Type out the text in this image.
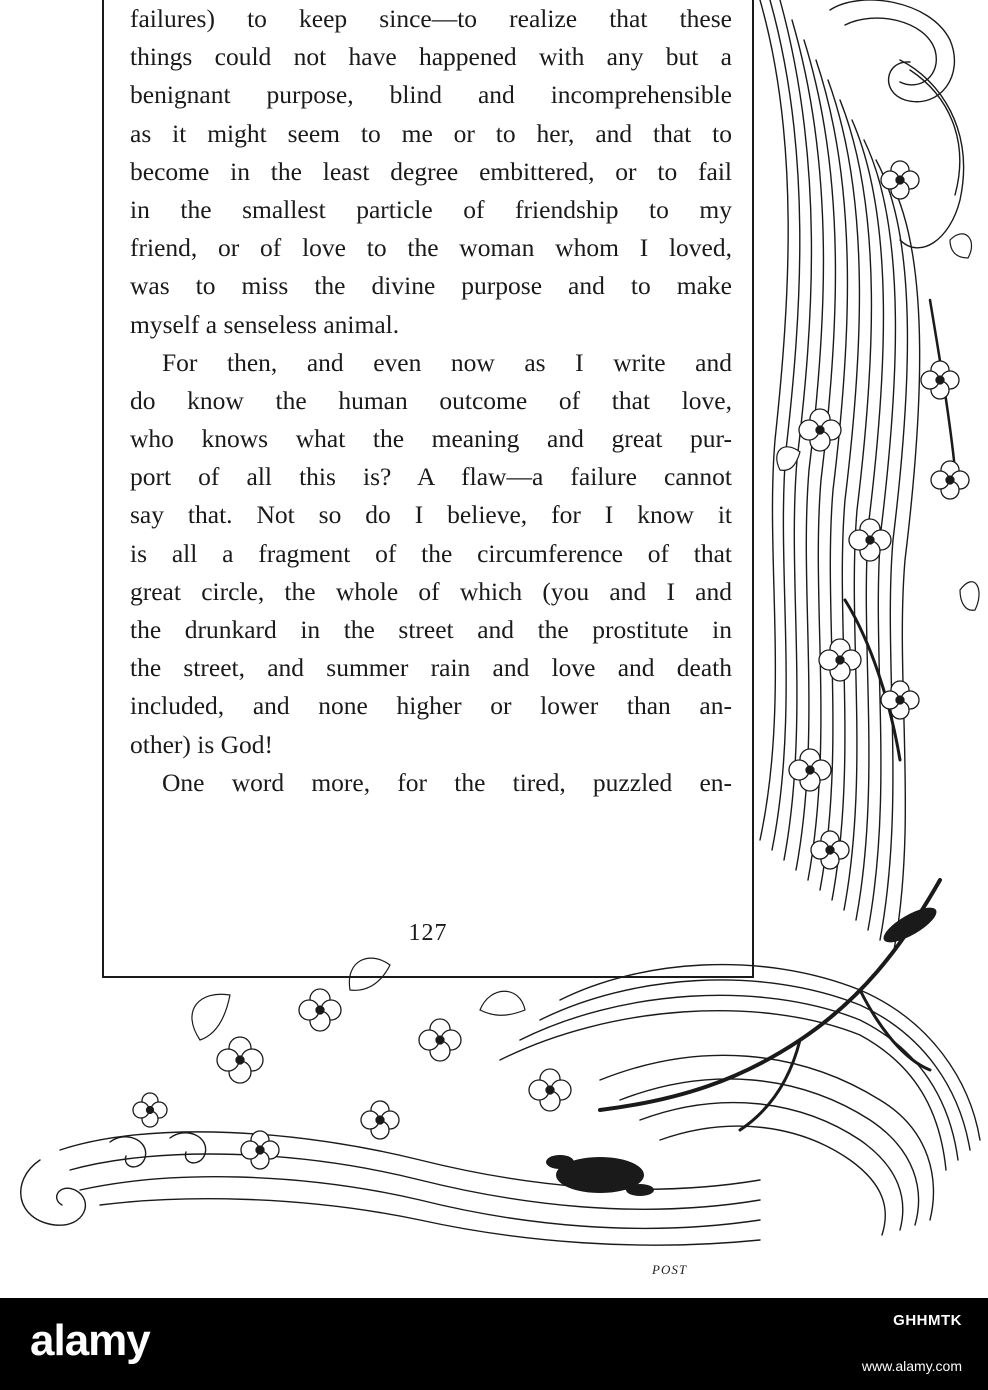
failures) to keep since—to realize that these
things could not have happened with any but a
benignant purpose, blind and incomprehensible
as it might seem to me or to her, and that to
become in the least degree embittered, or to fail
in the smallest particle of friendship to my
friend, or of love to the woman whom I loved,
was to miss the divine purpose and to make
myself a senseless animal.
For then, and even now as I write and
do know the human outcome of that love,
who knows what the meaning and great pur-
port of all this is? A flaw—a failure cannot
say that. Not so do I believe, for I know it
is all a fragment of the circumference of that
great circle, the whole of which (you and I and
the drunkard in the street and the prostitute in
the street, and summer rain and love and death
included, and none higher or lower than an-
other) is God!
One word more, for the tired, puzzled en-
127
POST
alamy	GHHMTK
www.alamy.com
